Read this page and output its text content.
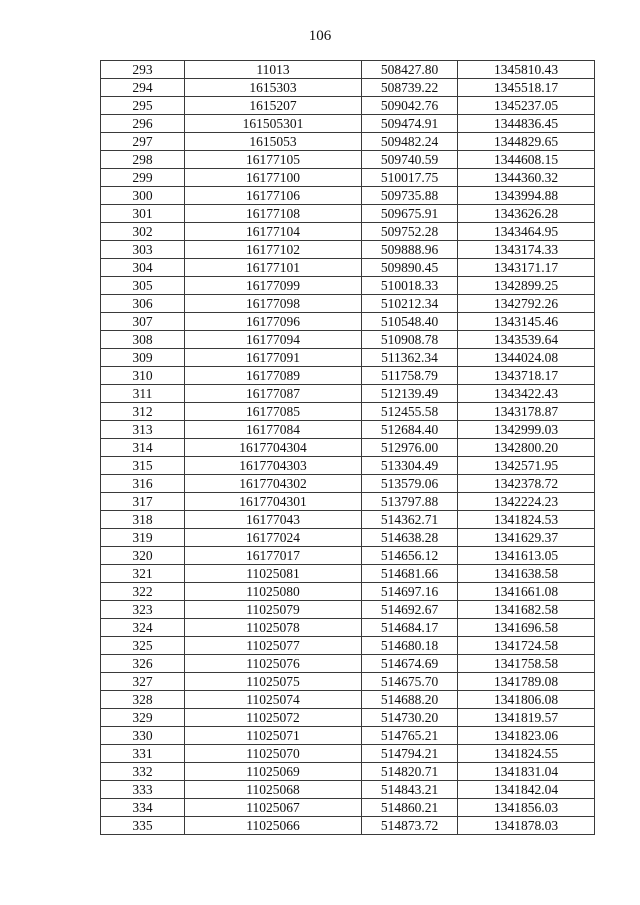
106
293	11013	508427.80	1345810.43
294	1615303	508739.22	1345518.17
295	1615207	509042.76	1345237.05
296	161505301	509474.91	1344836.45
297	1615053	509482.24	1344829.65
298	16177105	509740.59	1344608.15
299	16177100	510017.75	1344360.32
300	16177106	509735.88	1343994.88
301	16177108	509675.91	1343626.28
302	16177104	509752.28	1343464.95
303	16177102	509888.96	1343174.33
304	16177101	509890.45	1343171.17
305	16177099	510018.33	1342899.25
306	16177098	510212.34	1342792.26
307	16177096	510548.40	1343145.46
308	16177094	510908.78	1343539.64
309	16177091	511362.34	1344024.08
310	16177089	511758.79	1343718.17
311	16177087	512139.49	1343422.43
312	16177085	512455.58	1343178.87
313	16177084	512684.40	1342999.03
314	1617704304	512976.00	1342800.20
315	1617704303	513304.49	1342571.95
316	1617704302	513579.06	1342378.72
317	1617704301	513797.88	1342224.23
318	16177043	514362.71	1341824.53
319	16177024	514638.28	1341629.37
320	16177017	514656.12	1341613.05
321	11025081	514681.66	1341638.58
322	11025080	514697.16	1341661.08
323	11025079	514692.67	1341682.58
324	11025078	514684.17	1341696.58
325	11025077	514680.18	1341724.58
326	11025076	514674.69	1341758.58
327	11025075	514675.70	1341789.08
328	11025074	514688.20	1341806.08
329	11025072	514730.20	1341819.57
330	11025071	514765.21	1341823.06
331	11025070	514794.21	1341824.55
332	11025069	514820.71	1341831.04
333	11025068	514843.21	1341842.04
334	11025067	514860.21	1341856.03
335	11025066	514873.72	1341878.03
